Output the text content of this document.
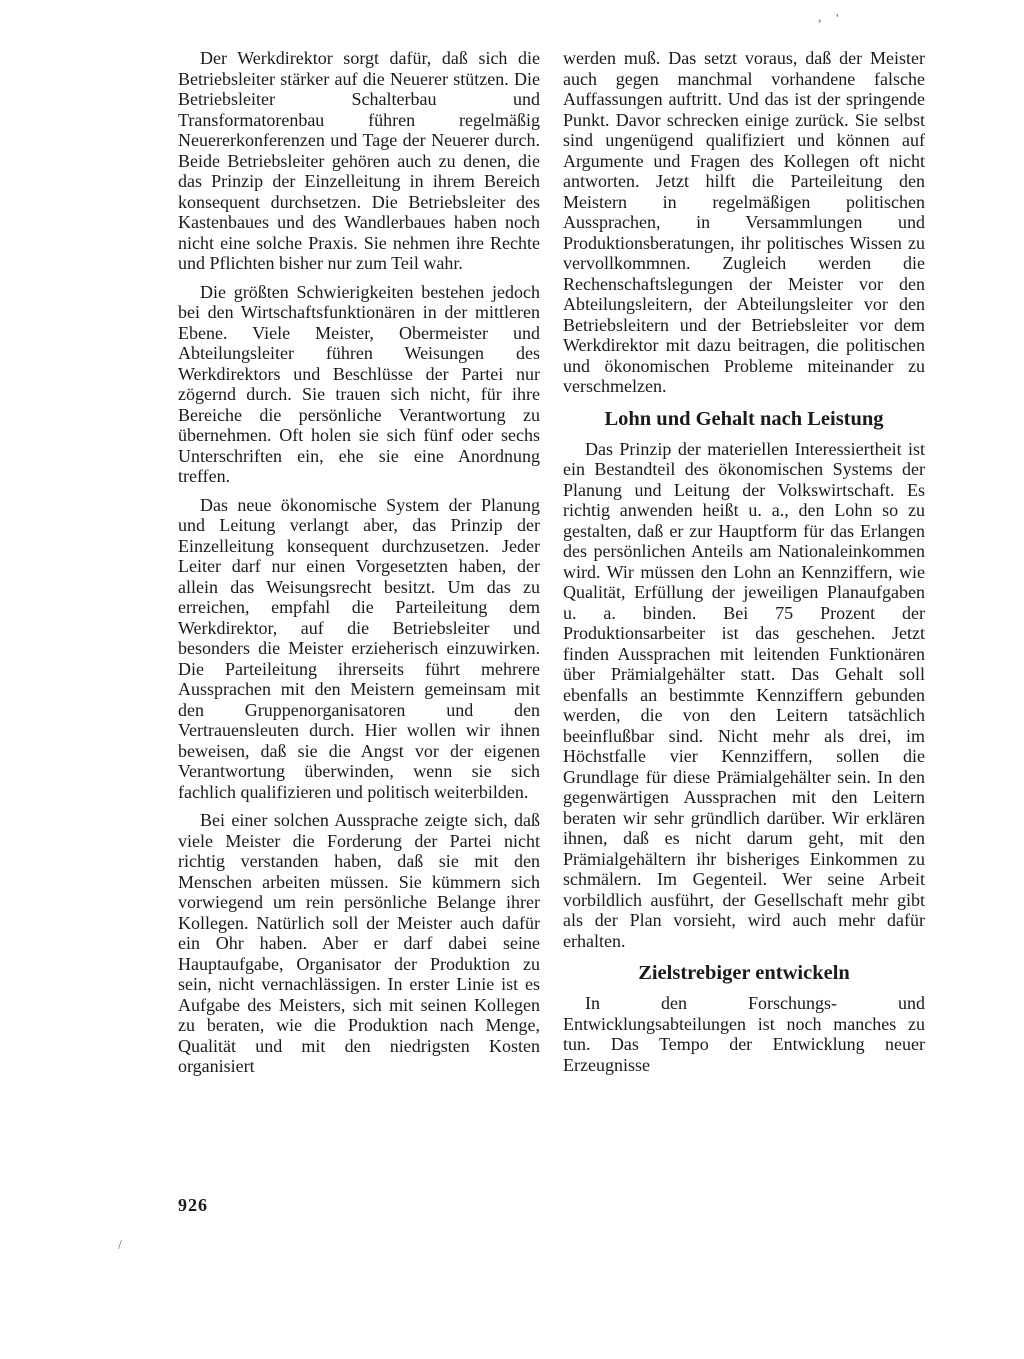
, '

Der Werkdirektor sorgt dafür, daß sich die Betriebsleiter stärker auf die Neuerer stützen. Die Betriebsleiter Schalterbau und Transformatorenbau führen regelmäßig Neuererkonferenzen und Tage der Neuerer durch. Beide Betriebsleiter gehören auch zu denen, die das Prinzip der Einzelleitung in ihrem Bereich konsequent durchsetzen. Die Betriebsleiter des Kastenbaues und des Wandlerbaues haben noch nicht eine solche Praxis. Sie nehmen ihre Rechte und Pflichten bisher nur zum Teil wahr.

Die größten Schwierigkeiten bestehen jedoch bei den Wirtschaftsfunktionären in der mittleren Ebene. Viele Meister, Obermeister und Abteilungsleiter führen Weisungen des Werkdirektors und Beschlüsse der Partei nur zögernd durch. Sie trauen sich nicht, für ihre Bereiche die persönliche Verantwortung zu übernehmen. Oft holen sie sich fünf oder sechs Unterschriften ein, ehe sie eine Anordnung treffen.

Das neue ökonomische System der Planung und Leitung verlangt aber, das Prinzip der Einzelleitung konsequent durchzusetzen. Jeder Leiter darf nur einen Vorgesetzten haben, der allein das Weisungsrecht besitzt. Um das zu erreichen, empfahl die Parteileitung dem Werkdirektor, auf die Betriebsleiter und besonders die Meister erzieherisch einzuwirken. Die Parteileitung ihrerseits führt mehrere Aussprachen mit den Meistern gemeinsam mit den Gruppenorganisatoren und den Vertrauensleuten durch. Hier wollen wir ihnen beweisen, daß sie die Angst vor der eigenen Verantwortung überwinden, wenn sie sich fachlich qualifizieren und politisch weiterbilden.

Bei einer solchen Aussprache zeigte sich, daß viele Meister die Forderung der Partei nicht richtig verstanden haben, daß sie mit den Menschen arbeiten müssen. Sie kümmern sich vorwiegend um rein persönliche Belange ihrer Kollegen. Natürlich soll der Meister auch dafür ein Ohr haben. Aber er darf dabei seine Hauptaufgabe, Organisator der Produktion zu sein, nicht vernachlässigen. In erster Linie ist es Aufgabe des Meisters, sich mit seinen Kollegen zu beraten, wie die Produktion nach Menge, Qualität und mit den niedrigsten Kosten organisiert

werden muß. Das setzt voraus, daß der Meister auch gegen manchmal vorhandene falsche Auffassungen auftritt. Und das ist der springende Punkt. Davor schrecken einige zurück. Sie selbst sind ungenügend qualifiziert und können auf Argumente und Fragen des Kollegen oft nicht antworten. Jetzt hilft die Parteileitung den Meistern in regelmäßigen politischen Aussprachen, in Versammlungen und Produktionsberatungen, ihr politisches Wissen zu vervollkommnen. Zugleich werden die Rechenschaftslegungen der Meister vor den Abteilungsleitern, der Abteilungsleiter vor den Betriebsleitern und der Betriebsleiter vor dem Werkdirektor mit dazu beitragen, die politischen und ökonomischen Probleme miteinander zu verschmelzen.

Lohn und Gehalt nach Leistung

Das Prinzip der materiellen Interessiertheit ist ein Bestandteil des ökonomischen Systems der Planung und Leitung der Volkswirtschaft. Es richtig anwenden heißt u. a., den Lohn so zu gestalten, daß er zur Hauptform für das Erlangen des persönlichen Anteils am Nationaleinkommen wird. Wir müssen den Lohn an Kennziffern, wie Qualität, Erfüllung der jeweiligen Planaufgaben u. a. binden. Bei 75 Prozent der Produktionsarbeiter ist das geschehen. Jetzt finden Aussprachen mit leitenden Funktionären über Prämialgehälter statt. Das Gehalt soll ebenfalls an bestimmte Kennziffern gebunden werden, die von den Leitern tatsächlich beeinflußbar sind. Nicht mehr als drei, im Höchstfalle vier Kennziffern, sollen die Grundlage für diese Prämialgehälter sein. In den gegenwärtigen Aussprachen mit den Leitern beraten wir sehr gründlich darüber. Wir erklären ihnen, daß es nicht darum geht, mit den Prämialgehältern ihr bisheriges Einkommen zu schmälern. Im Gegenteil. Wer seine Arbeit vorbildlich ausführt, der Gesellschaft mehr gibt als der Plan vorsieht, wird auch mehr dafür erhalten.

Zielstrebiger entwickeln

In den Forschungs- und Entwicklungsabteilungen ist noch manches zu tun. Das Tempo der Entwicklung neuer Erzeugnisse

926
/
